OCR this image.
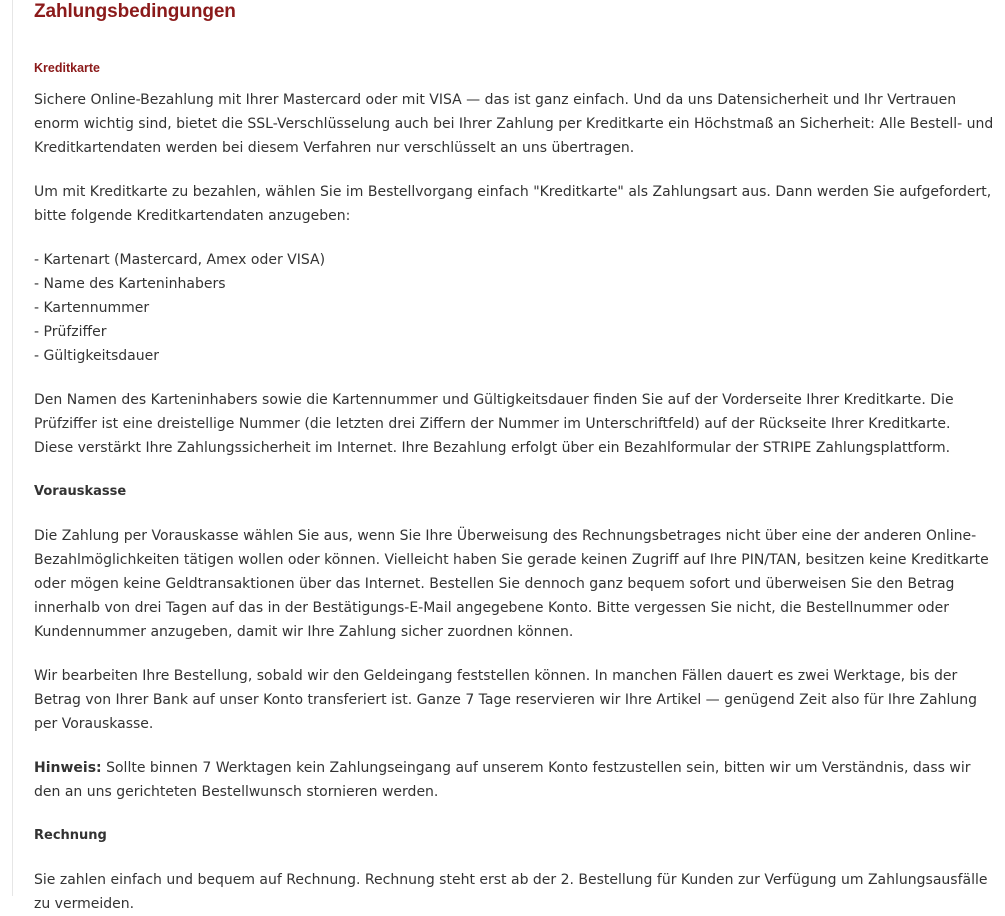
Zahlungsbedingungen
Kreditkarte

Sichere Online-Bezahlung mit Ihrer Mastercard oder mit VISA — das ist ganz einfach. Und da uns Datensicherheit und Ihr Vertrauen enorm wichtig sind, bietet die SSL-Verschlüsselung auch bei Ihrer Zahlung per Kreditkarte ein Höchstmaß an Sicherheit: Alle Bestell- und Kreditkartendaten werden bei diesem Verfahren nur verschlüsselt an uns übertragen.

Um mit Kreditkarte zu bezahlen, wählen Sie im Bestellvorgang einfach "Kreditkarte" als Zahlungsart aus. Dann werden Sie aufgefordert, bitte folgende Kreditkartendaten anzugeben:

- Kartenart (Mastercard, Amex oder VISA)
- Name des Karteninhabers
- Kartennummer
- Prüfziffer
- Gültigkeitsdauer

Den Namen des Karteninhabers sowie die Kartennummer und Gültigkeitsdauer finden Sie auf der Vorderseite Ihrer Kreditkarte. Die Prüfziffer ist eine dreistellige Nummer (die letzten drei Ziffern der Nummer im Unterschriftfeld) auf der Rückseite Ihrer Kreditkarte. Diese verstärkt Ihre Zahlungssicherheit im Internet. Ihre Bezahlung erfolgt über ein Bezahlformular der STRIPE Zahlungsplattform.

Vorauskasse

Die Zahlung per Vorauskasse wählen Sie aus, wenn Sie Ihre Überweisung des Rechnungsbetrages nicht über eine der anderen Online-Bezahlmöglichkeiten tätigen wollen oder können. Vielleicht haben Sie gerade keinen Zugriff auf Ihre PIN/TAN, besitzen keine Kreditkarte oder mögen keine Geldtransaktionen über das Internet. Bestellen Sie dennoch ganz bequem sofort und überweisen Sie den Betrag innerhalb von drei Tagen auf das in der Bestätigungs-E-Mail angegebene Konto. Bitte vergessen Sie nicht, die Bestellnummer oder Kundennummer anzugeben, damit wir Ihre Zahlung sicher zuordnen können.

Wir bearbeiten Ihre Bestellung, sobald wir den Geldeingang feststellen können. In manchen Fällen dauert es zwei Werktage, bis der Betrag von Ihrer Bank auf unser Konto transferiert ist. Ganze 7 Tage reservieren wir Ihre Artikel — genügend Zeit also für Ihre Zahlung per Vorauskasse.

Hinweis: Sollte binnen 7 Werktagen kein Zahlungseingang auf unserem Konto festzustellen sein, bitten wir um Verständnis, dass wir den an uns gerichteten Bestellwunsch stornieren werden.

Rechnung

Sie zahlen einfach und bequem auf Rechnung. Rechnung steht erst ab der 2. Bestellung für Kunden zur Verfügung um Zahlungsausfälle zu vermeiden.
